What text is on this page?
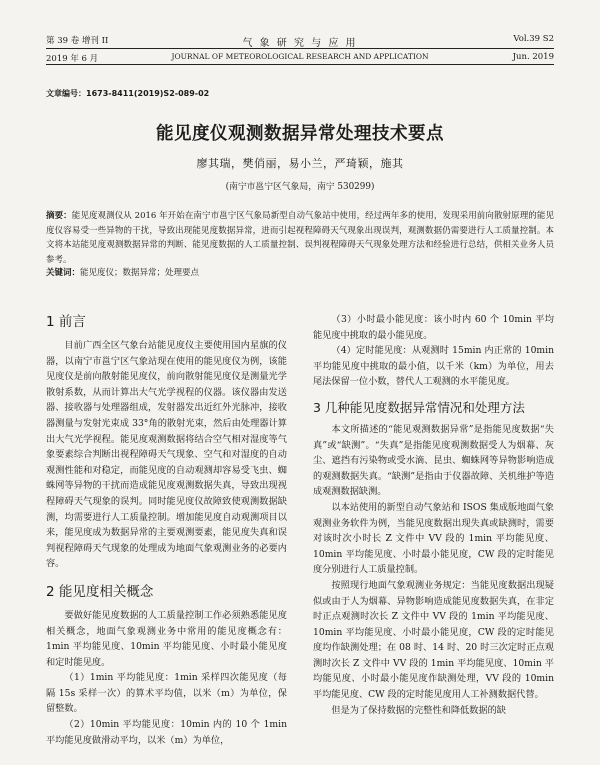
第 39 卷 增刊 II	气 象 研 究 与 应 用	Vol.39 S2
2019 年 6 月	JOURNAL OF METEOROLOGICAL RESEARCH AND APPLICATION	Jun. 2019
文章编号：1673-8411(2019)S2-089-02
能见度仪观测数据异常处理技术要点
廖其瑞，樊俏丽，易小兰，严琦颖，施其
(南宁市邕宁区气象局，南宁 530299)
摘要：能见度观测仪从 2016 年开始在南宁市邕宁区气象局新型自动气象站中使用，经过两年多的使用，发现采用前向散射原理的能见度仪容易受一些异物的干扰，导致出现能见度数据异常，进而引起视程障碍天气现象出现误判，观测数据仍需要进行人工质量控制。本文将本站能见度观测数据异常的判断、能见度数据的人工质量控制、误判视程障碍天气现象处理方法和经验进行总结，供相关业务人员参考。
关键词：能见度仪；数据异常；处理要点
1 前言

目前广西全区气象台站能见度仪主要使用国内星旗的仪器，以南宁市邕宁区气象站现在使用的能见度仪为例，该能见度仪是前向散射能见度仪，前向散射能见度仪是测量光学散射系数，从而计算出大气光学视程的仪器。该仪器由发送器、接收器与处理器组成，发射器发出近红外光脉冲，接收器测量与发射光束成 33°角的散射光束，然后由处理器计算出大气光学视程。能见度观测数据将结合空气相对湿度等气象要素综合判断出视程障碍天气现象、空气和对湿度的自动观测性能和对稳定，而能见度的自动观测却容易受飞虫、蜘蛛网等异物的干扰而造成能见度观测数据失真，导致出现视程障碍天气现象的误判。同时能见度仪故障致使观测数据缺测，均需要进行人工质量控制。增加能见度自动观测项目以来，能见度成为数据异常的主要观测要素，能见度失真和误判视程障碍天气现象的处理成为地面气象观测业务的必要内容。

2 能见度相关概念

要做好能见度数据的人工质量控制工作必须熟悉能见度相关概念，地面气象观测业务中常用的能见度概念有：1min 平均能见度、10min 平均能见度、小时最小能见度和定时能见度。

（1）1min 平均能见度：1min 采样四次能见度（每隔 15s 采样一次）的算术平均值，以米（m）为单位，保留整数。

（2）10min 平均能见度：10min 内的 10 个 1min 平均能见度做滑动平均，以米（m）为单位，

（3）小时最小能见度：该小时内 60 个 10min 平均能见度中挑取的最小能见度。

（4）定时能见度：从观测时 15min 内正常的 10min 平均能见度中挑取的最小值，以千米（km）为单位，用去尾法保留一位小数，替代人工观测的水平能见度。

3 几种能见度数据异常情况和处理方法

本文所描述的“能见观测数据异常”是指能见度数据“失真”或“缺测”。“失真”是指能见度观测数据受人为烟幕、灰尘、遮挡有污染物或受水滴、昆虫、蜘蛛网等异物影响造成的观测数据失真。“缺测”是指由于仪器故障、关机维护等造成观测数据缺测。

以本站使用的新型自动气象站和 ISOS 集成版地面气象观测业务软件为例，当能见度数据出现失真或缺测时，需要对该时次小时长 Z 文件中 VV 段的 1min 平均能见度、10min 平均能见度、小时最小能见度，CW 段的定时能见度分别进行人工质量控制。

按照现行地面气象观测业务规定：当能见度数据出现疑似或由于人为烟幕、异物影响造成能见度数据失真，在非定时正点观测时次长 Z 文件中 VV 段的 1min 平均能见度、10min 平均能见度、小时最小能见度，CW 段的定时能见度均作缺测处理；在 08 时、14 时、20 时三次定时正点观测时次长 Z 文件中 VV 段的 1min 平均能见度、10min 平均能见度、小时最小能见度作缺测处理，VV 段的 10min 平均能见度、CW 段的定时能见度用人工补测数据代替。

但是为了保持数据的完整性和降低数据的缺
